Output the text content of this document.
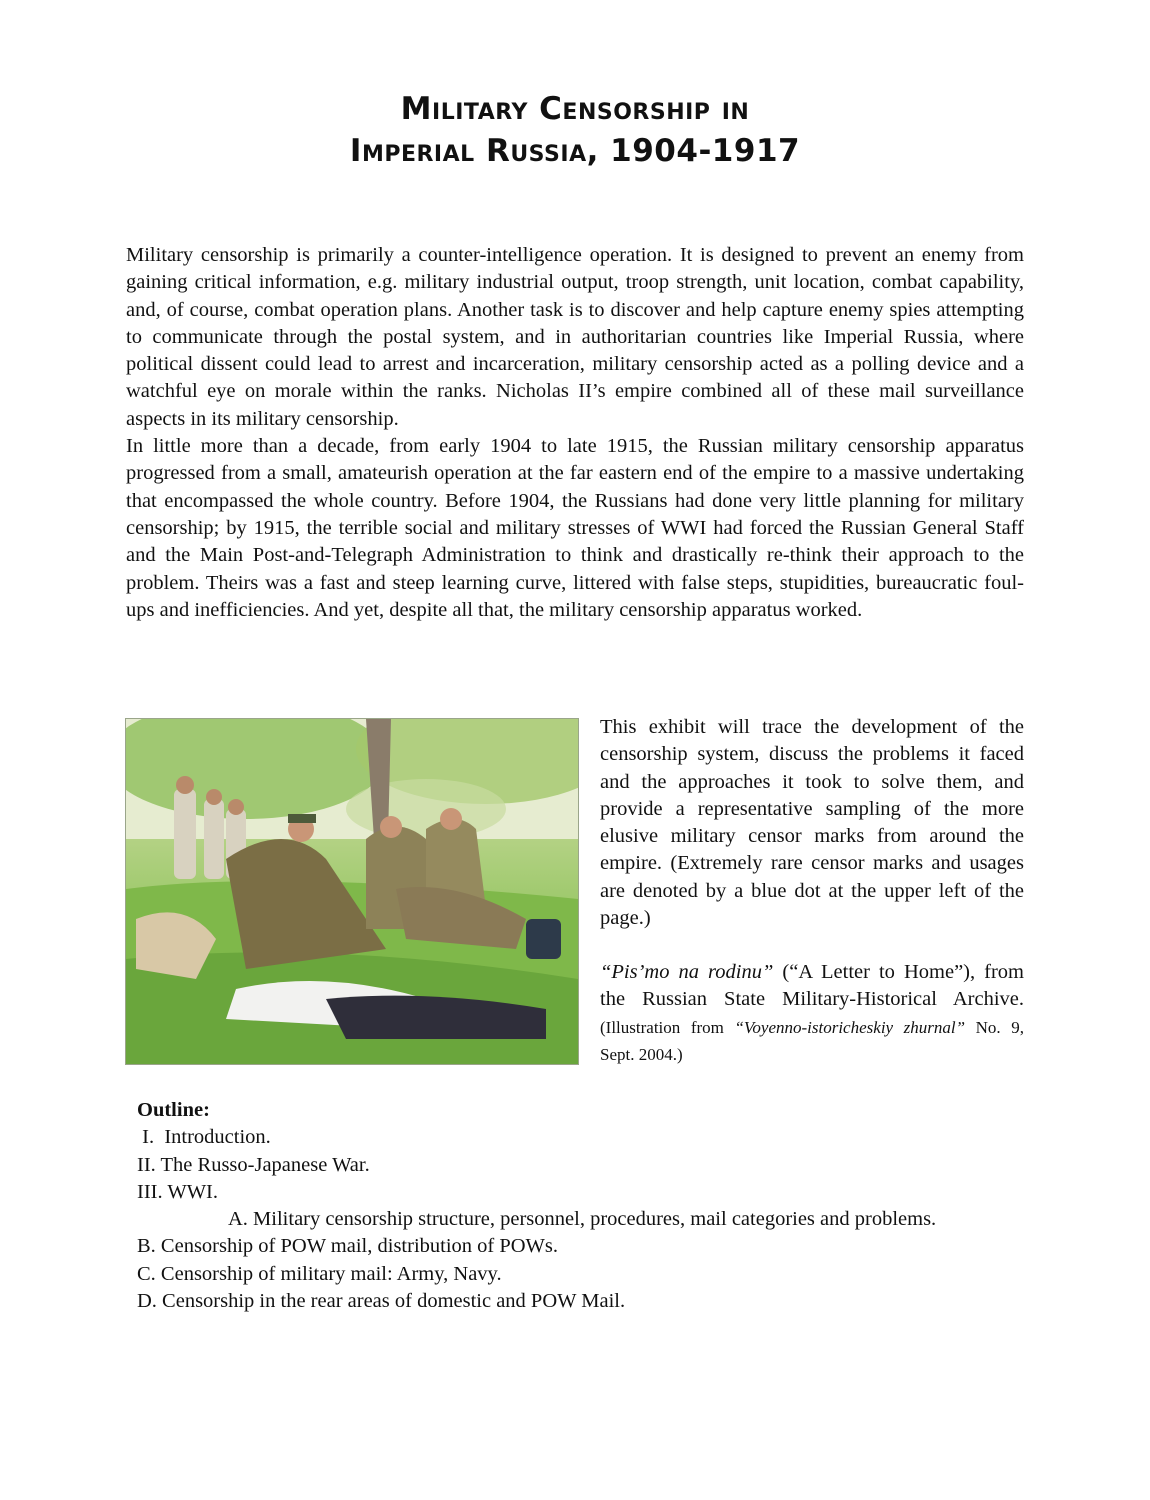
Military Censorship in
Imperial Russia, 1904-1917

Military censorship is primarily a counter-intelligence operation. It is designed to prevent an enemy from gaining critical information, e.g. military industrial output, troop strength, unit location, combat capability, and, of course, combat operation plans. Another task is to discover and help capture enemy spies attempting to communicate through the postal system, and in authoritarian countries like Imperial Russia, where political dissent could lead to arrest and incarceration, military censorship acted as a polling device and a watchful eye on morale within the ranks. Nicholas II’s empire combined all of these mail surveillance aspects in its military censorship.

In little more than a decade, from early 1904 to late 1915, the Russian military censorship apparatus progressed from a small, amateurish operation at the far eastern end of the empire to a massive undertaking that encompassed the whole country. Before 1904, the Russians had done very little planning for military censorship; by 1915, the terrible social and military stresses of WWI had forced the Russian General Staff and the Main Post-and-Telegraph Administration to think and drastically re-think their approach to the problem. Theirs was a fast and steep learning curve, littered with false steps, stupidities, bureaucratic foul-ups and inefficiencies. And yet, despite all that, the military censorship apparatus worked.

This exhibit will trace the development of the censorship system, discuss the problems it faced and the approaches it took to solve them, and provide a representative sampling of the more elusive military censor marks from around the empire. (Extremely rare censor marks and usages are denoted by a blue dot at the upper left of the page.)
“Pis’mo na rodinu” (“A Letter to Home”), from the Russian State Military-Historical Archive. (Illustration from “Voyenno-istoricheskiy zhurnal” No. 9, Sept. 2004.)
Outline:
I.  Introduction.
II. The Russo-Japanese War.
III. WWI.
A. Military censorship structure, personnel, procedures, mail categories and problems.
B. Censorship of POW mail, distribution of POWs.
C. Censorship of military mail: Army, Navy.
D. Censorship in the rear areas of domestic and POW Mail.
